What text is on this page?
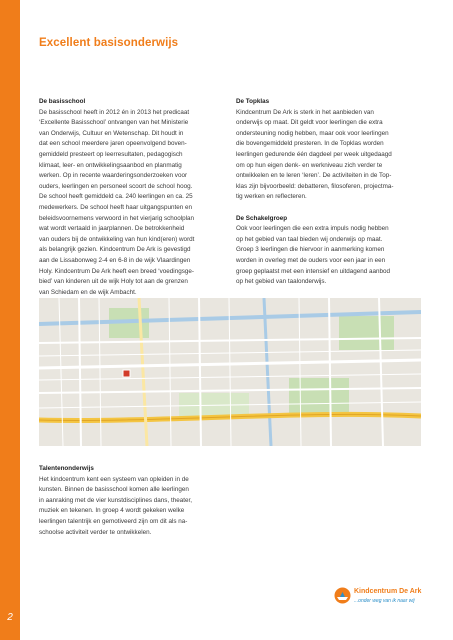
2
Excellent basisonderwijs
De basisschool
De basisschool heeft in 2012 én in 2013 het predicaat
‘Excellente Basisschool’ ontvangen van het Ministerie
van Onderwijs, Cultuur en Wetenschap. Dit houdt in
dat een school meerdere jaren opeenvolgend boven-
gemiddeld presteert op leerresultaten, pedagogisch
klimaat, leer- en ontwikkelingsaanbod en planmatig
werken. Op in recente waarderingsonderzoeken voor
ouders, leerlingen en personeel scoort de school hoog.
De school heeft gemiddeld ca. 240 leerlingen en ca. 25
medewerkers. De school heeft haar uitgangspunten en
beleidsvoornemens verwoord in het vierjarig schoolplan
wat wordt vertaald in jaarplannen. De betrokkenheid
van ouders bij de ontwikkeling van hun kind(eren) wordt
als belangrijk gezien. Kindcentrum De Ark is gevestigd
aan de Lissabonweg 2-4 en 6-8 in de wijk Vlaardingen
Holy. Kindcentrum De Ark heeft een breed ‘voedingsge-
bied’ van kinderen uit de wijk Holy tot aan de grenzen
van Schiedam en de wijk Ambacht.
De Topklas
Kindcentrum De Ark is sterk in het aanbieden van
onderwijs op maat. Dit geldt voor leerlingen die extra
ondersteuning nodig hebben, maar ook voor leerlingen
die bovengemiddeld presteren. In de Topklas worden
leerlingen gedurende één dagdeel per week uitgedaagd
om op hun eigen denk- en werkniveau zich verder te
ontwikkelen en te leren ‘leren’. De activiteiten in de Top-
klas zijn bijvoorbeeld: debatteren, filosoferen, projectma-
tig werken en reflecteren.
De Schakelgroep
Ook voor leerlingen die een extra impuls nodig hebben
op het gebied van taal bieden wij onderwijs op maat.
Groep 3 leerlingen die hiervoor in aanmerking komen
worden in overleg met de ouders voor een jaar in een
groep geplaatst met een intensief en uitdagend aanbod
op het gebied van taalonderwijs.
Talentenonderwijs
Het kindcentrum kent een systeem van opleiden in de
kunsten. Binnen de basisschool komen alle leerlingen
in aanraking met de vier kunstdisciplines dans, theater,
muziek en tekenen. In groep 4 wordt gekeken welke
leerlingen talentrijk en gemotiveerd zijn om dit als na-
schoolse activiteit verder te ontwikkelen.
Kindcentrum De Ark
...onder weg van ik naar wij
